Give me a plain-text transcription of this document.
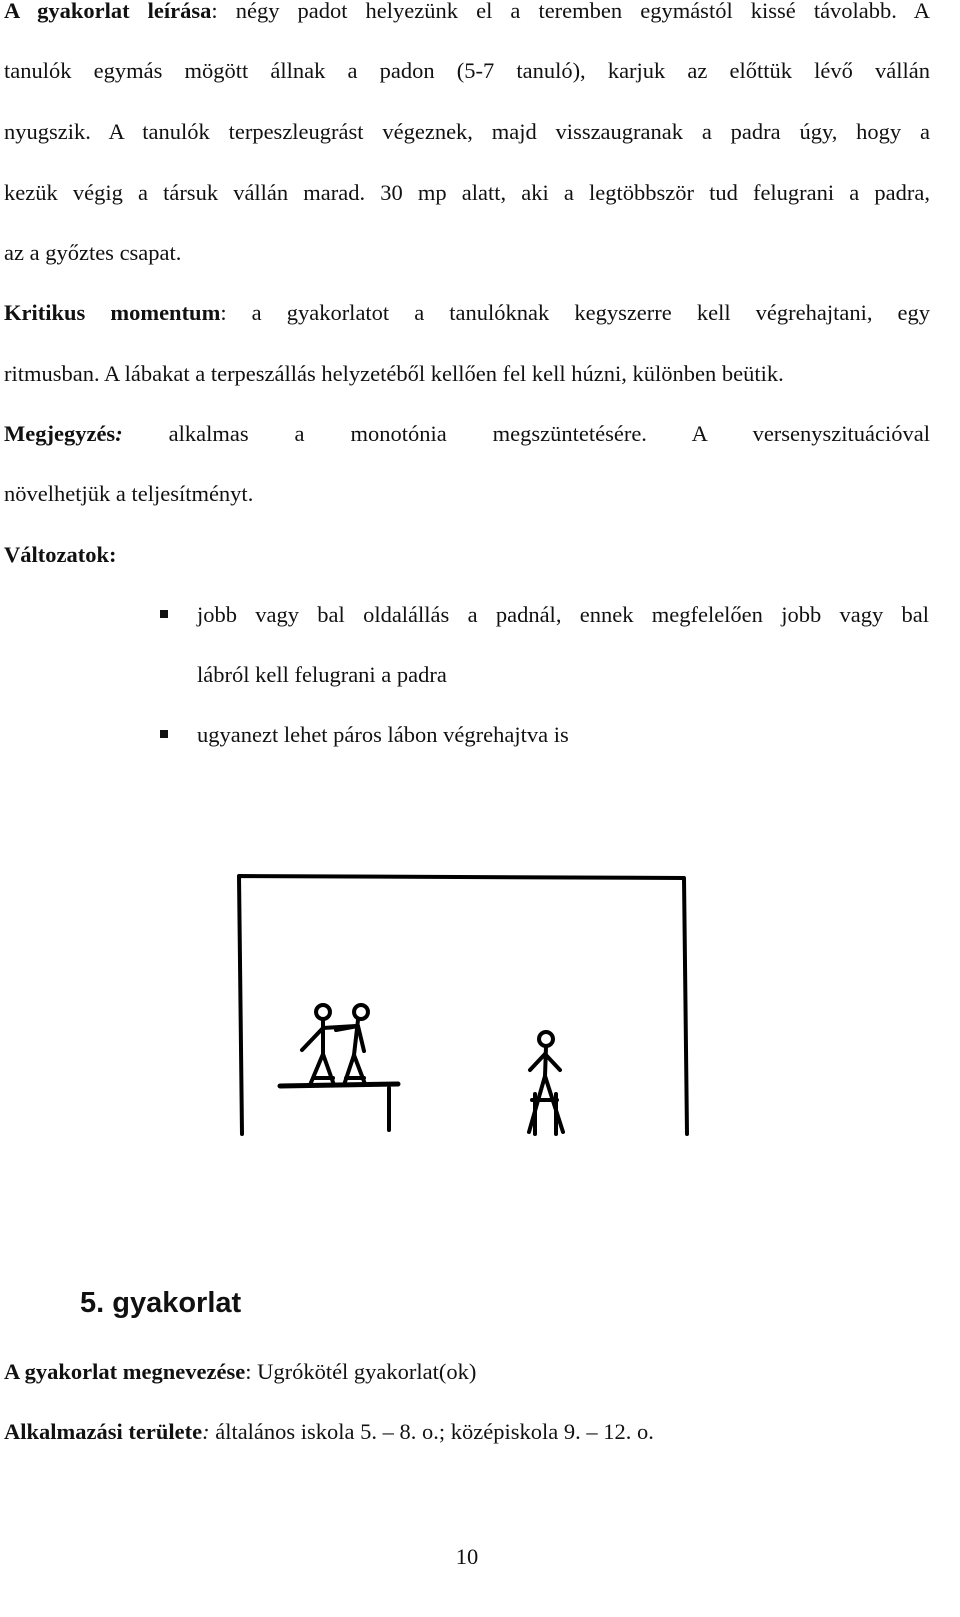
A gyakorlat leírása: négy padot helyezünk el a teremben egymástól kissé távolabb. A
tanulók egymás mögött állnak a padon (5-7 tanuló), karjuk az előttük lévő vállán
nyugszik. A tanulók terpeszleugrást végeznek, majd visszaugranak a padra úgy, hogy a
kezük végig a társuk vállán marad. 30 mp alatt, aki a legtöbbször tud felugrani a padra,
az a győztes csapat.
Kritikus momentum: a gyakorlatot a tanulóknak kegyszerre kell végrehajtani, egy
ritmusban. A lábakat a terpeszállás helyzetéből kellően fel kell húzni, különben beütik.
Megjegyzés: alkalmas a monotónia megszüntetésére. A versenyszituációval
növelhetjük a teljesítményt.
Változatok:
jobb vagy bal oldalállás a padnál, ennek megfelelően jobb vagy bal
lábról kell felugrani a padra
ugyanezt lehet páros lábon végrehajtva is
5. gyakorlat
A gyakorlat megnevezése: Ugrókötél gyakorlat(ok)
Alkalmazási területe: általános iskola 5. – 8. o.; középiskola 9. – 12. o.
10
